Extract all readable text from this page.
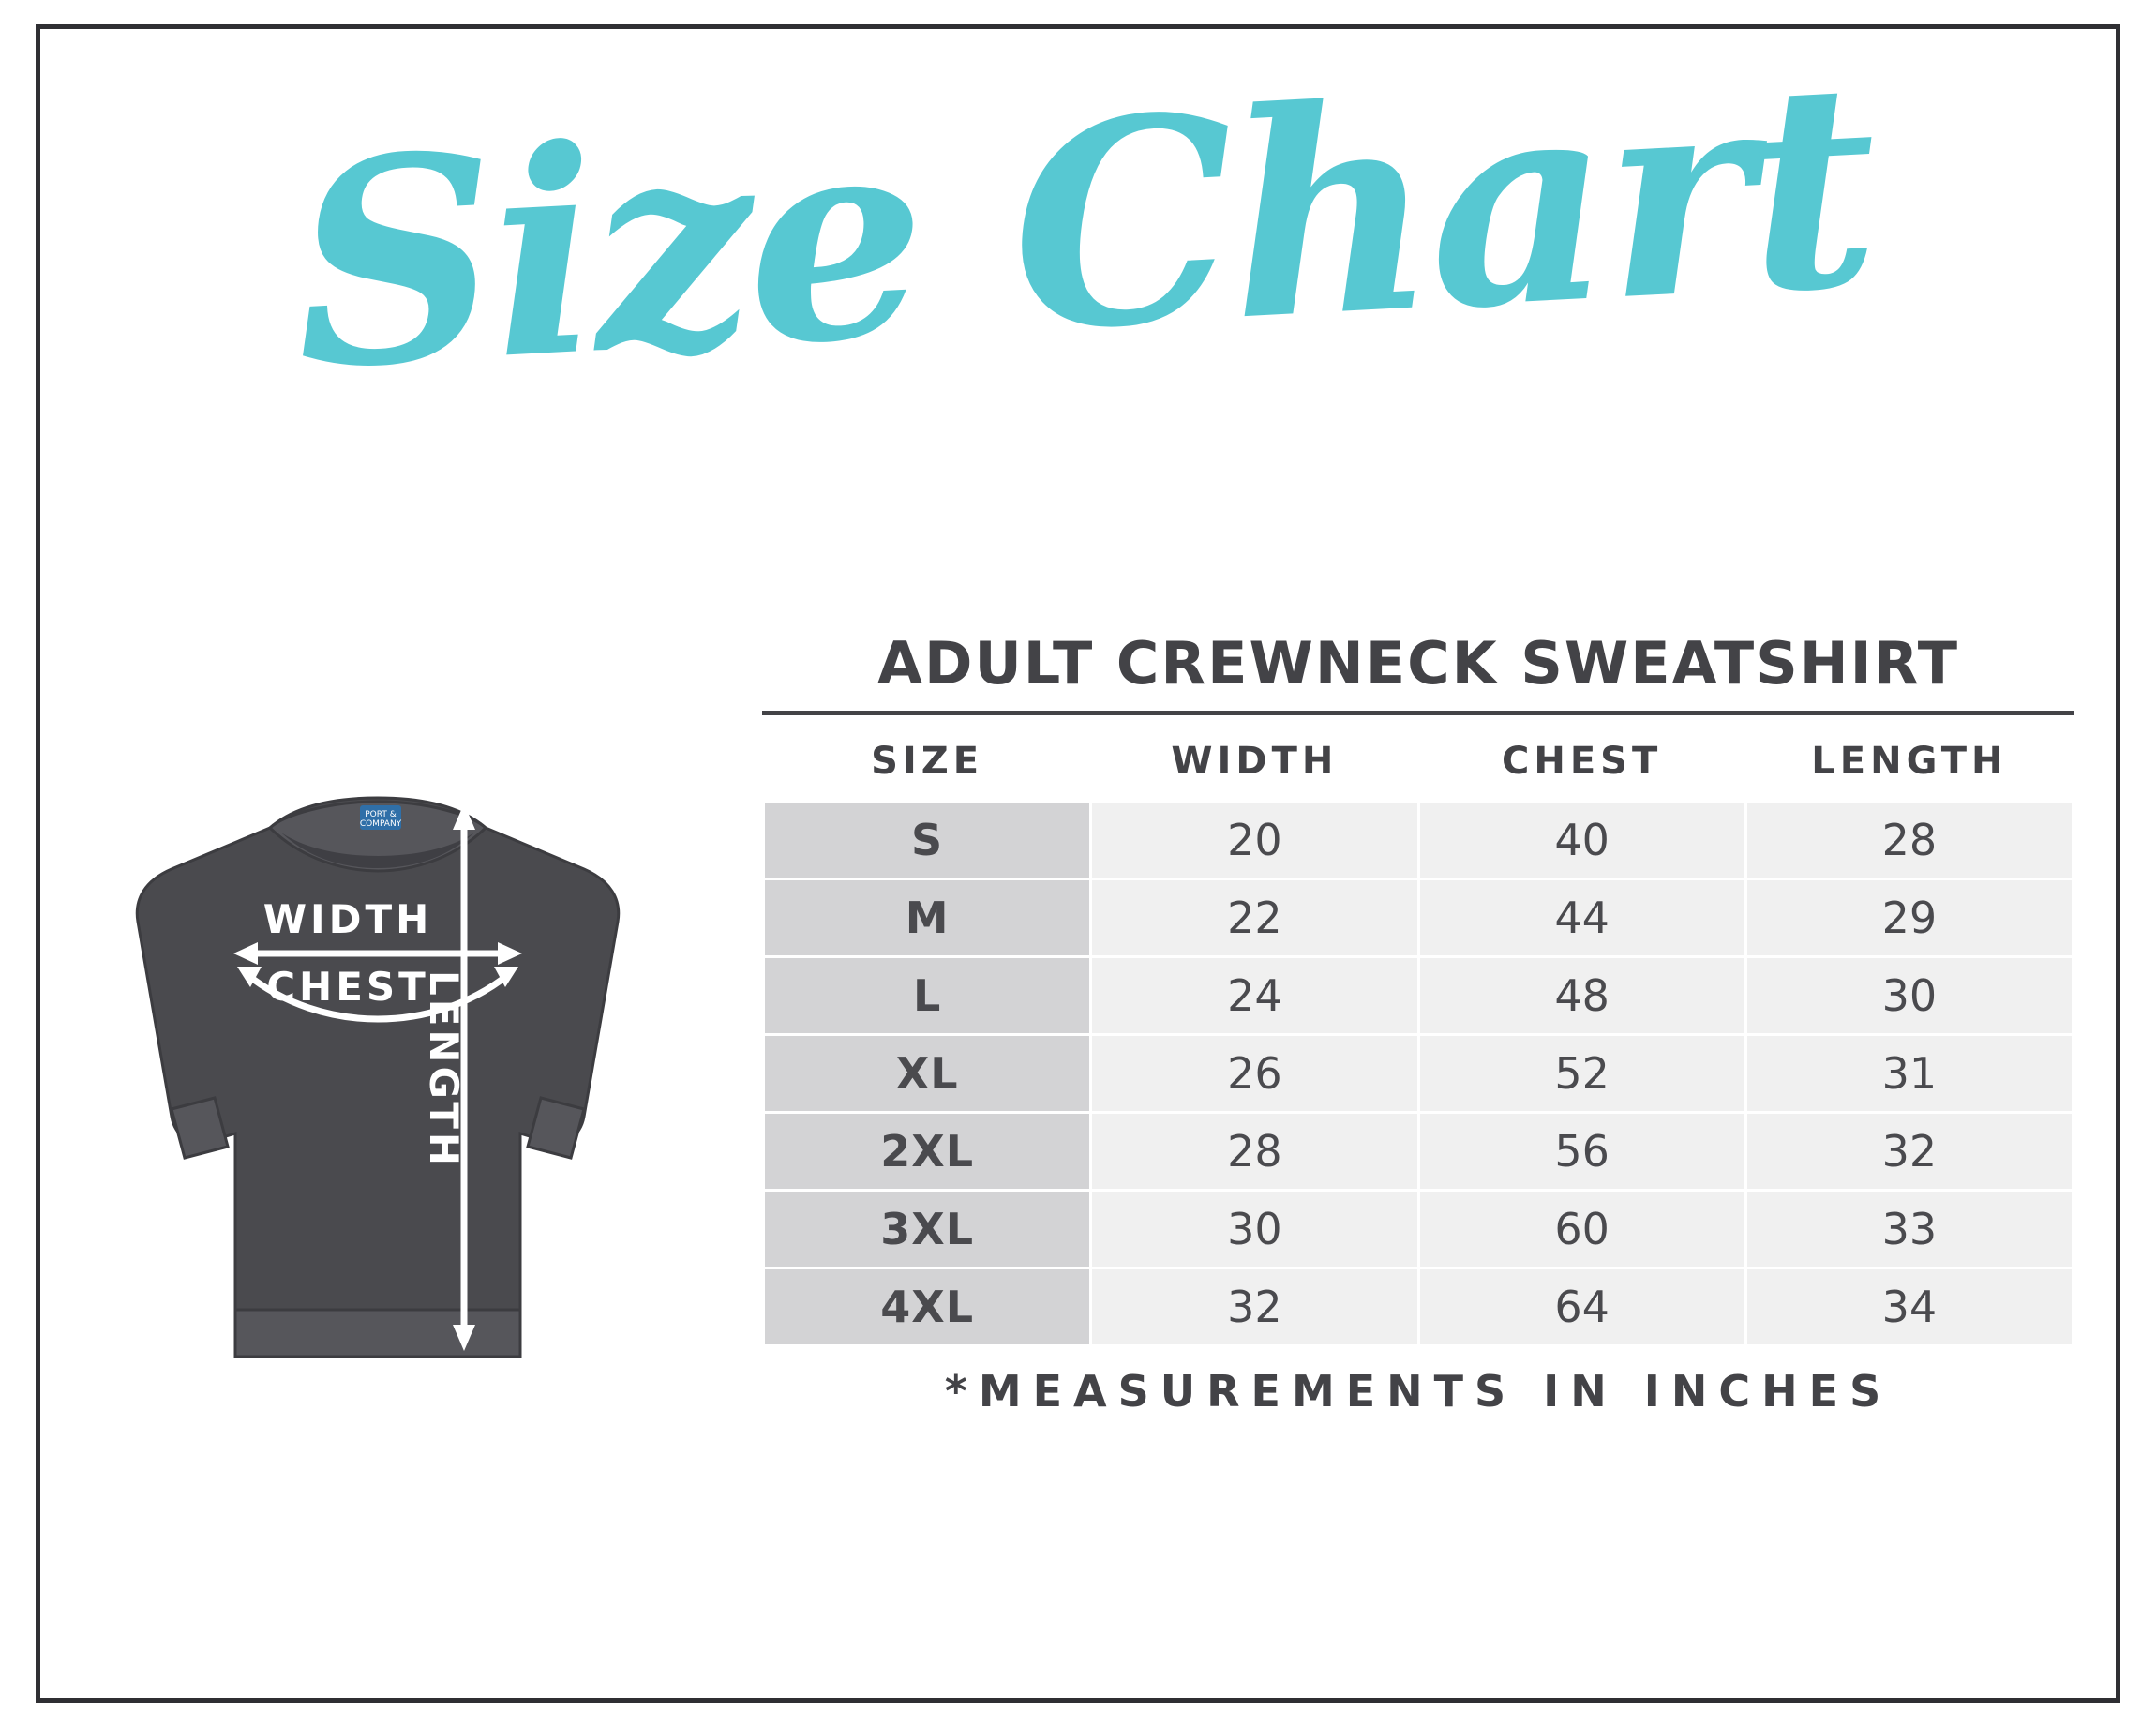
Size Chart
PORT &
COMPANY
WIDTH
CHEST
LENGTH
ADULT CREWNECK SWEATSHIRT
SIZE	WIDTH	CHEST	LENGTH
S	20	40	28
M	22	44	29
L	24	48	30
XL	26	52	31
2XL	28	56	32
3XL	30	60	33
4XL	32	64	34
*MEASUREMENTS IN INCHES
